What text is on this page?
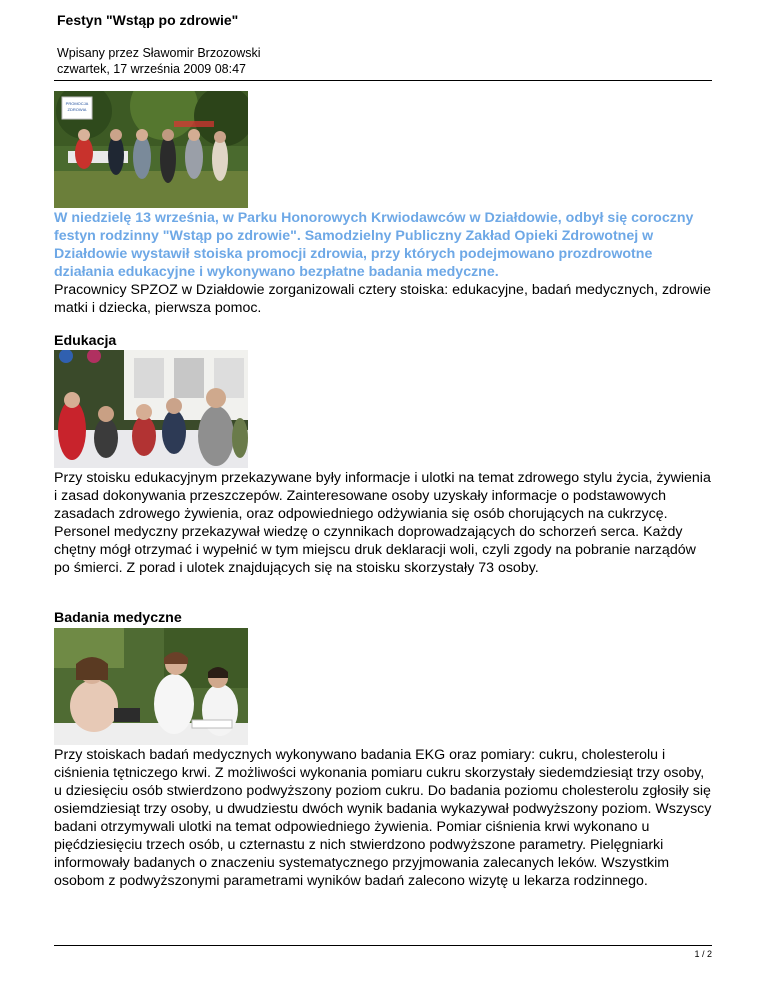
Festyn "Wstąp po zdrowie"
Wpisany przez Sławomir Brzozowski
czwartek, 17 września 2009 08:47
PROMOCJA
ZDROWIA

W niedzielę 13 września, w Parku Honorowych Krwiodawców w Działdowie, odbył się coroczny festyn rodzinny "Wstąp po zdrowie". Samodzielny Publiczny Zakład Opieki Zdrowotnej w Działdowie wystawił stoiska promocji zdrowia, przy których podejmowano prozdrowotne działania edukacyjne i wykonywano bezpłatne badania medyczne.

Pracownicy SPZOZ w Działdowie zorganizowali cztery stoiska: edukacyjne, badań medycznych, zdrowie matki i dziecka, pierwsza pomoc.

Edukacja

Przy stoisku edukacyjnym przekazywane były informacje i ulotki na temat zdrowego stylu życia, żywienia i zasad dokonywania przeszczepów. Zainteresowane osoby uzyskały informacje o podstawowych zasadach zdrowego żywienia, oraz odpowiedniego odżywiania się osób chorujących na cukrzycę. Personel medyczny przekazywał wiedzę o czynnikach doprowadzających do schorzeń serca. Każdy chętny mógł otrzymać i wypełnić w tym miejscu druk deklaracji woli, czyli zgody na pobranie narządów po śmierci. Z porad i ulotek znajdujących się na stoisku skorzystały 73 osoby.

Badania medyczne

Przy stoiskach badań medycznych wykonywano badania EKG oraz pomiary: cukru, cholesterolu i ciśnienia tętniczego krwi. Z możliwości wykonania pomiaru cukru skorzystały siedemdziesiąt trzy osoby, u dziesięciu osób stwierdzono podwyższony poziom cukru. Do badania poziomu cholesterolu zgłosiły się osiemdziesiąt trzy osoby, u dwudziestu dwóch wynik badania wykazywał podwyższony poziom. Wszyscy badani otrzymywali ulotki na temat odpowiedniego żywienia. Pomiar ciśnienia krwi wykonano u pięćdziesięciu trzech osób, u czternastu z nich stwierdzono podwyższone parametry. Pielęgniarki informowały badanych o znaczeniu systematycznego przyjmowania zalecanych leków. Wszystkim osobom z podwyższonymi parametrami wyników badań zalecono wizytę u lekarza rodzinnego.

1 / 2
